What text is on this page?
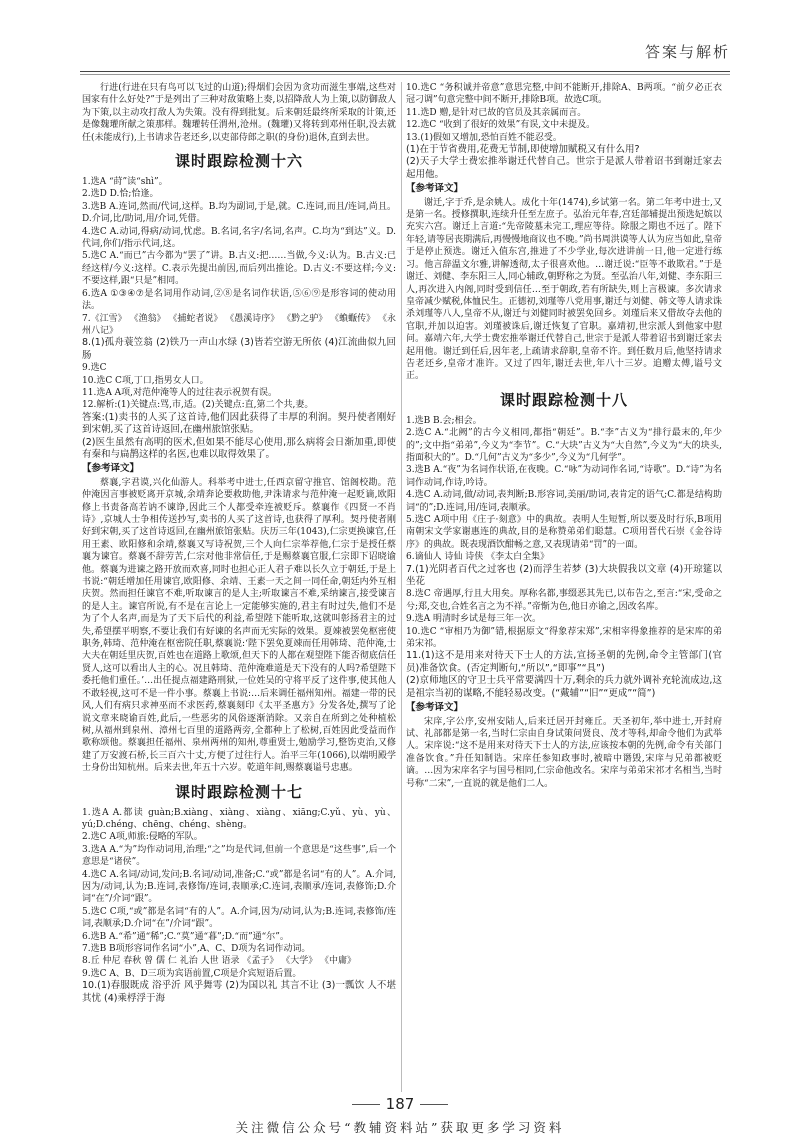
答案与解析

行进(行进在只有鸟可以飞过的山道);得烟们会因为贪功而滋生事端,这些对国家有什么好处?”于是列出了三种对敌策略上奏,以招降敌人为上策,以防御敌人为下策,以主动攻打敌人为失策。没有得到批复。后来朝廷最终所采取的计策,还是像魏瓘所献之策那样。魏瓘转任渭州,沧州。(魏瓘)又将转到邓州任职,没去就任(未能成行),上书请求告老还乡,以吏部侍郎之职(的身份)退休,直到去世。

课时跟踪检测十六

1.选A “莳”读“shì”。

2.选D D.恰;恰逢。

3.选B A.连词,然而/代词,这样。B.均为副词,于是,就。C.连词,而且/连词,尚且。D.介词,比/助词,用/介词,凭借。

4.选C A.动词,得病/动词,忧虑。B.名词,名字/名词,名声。C.均为“到达”义。D.代词,你们/指示代词,这。

5.选C A.“而已”古今都为“罢了”讲。B.古义:把……当做,今义:认为。B.古义:已经这样/今义:这样。C.表示先提出前因,而后列出推论。D.古义:不要这样;今义:不要这样,跟“只是”相同。

6.选A ①③④⑦是名词用作动词,②⑧是名词作状语,⑤⑥⑨是形容词的使动用法。

7.《江雪》 《渔翁》 《捕蛇者说》 《愚溪诗序》 《黔之驴》 《蝜蝂传》 《永州八记》

8.(1)孤舟蓑笠翁 (2)铁乃一声山水绿 (3)皆若空游无所依 (4)江流曲似九回肠

9.选C

10.选C C项,丁口,指男女人口。

11.选A A项,对范仲淹等人的过往表示祝贺有误。

12.解析:(1)关键点:骂,市,适。(2)关键点:直,第二个共,妻。

答案:(1)卖书的人买了这首诗,他们因此获得了丰厚的利润。契丹使者刚好到宋朝,买了这首诗返回,在幽州旅馆张贴。

(2)医生虽然有高明的医术,但如果不能尽心使用,那么病将会日渐加重,即使有秦和与扁鹊这样的名医,也难以取得效果了。

【参考译文】

蔡襄,字君谟,兴化仙游人。科举考中进士,任西京留守推官、馆阁校勘。范仲淹因言事被贬离开京城,余靖奔论要救助他,尹洙请求与范仲淹一起贬谪,欧阳修上书责备高若讷不谏诤,因此三个人都受牵连被贬斥。蔡襄作《四贤一不肖诗》,京城人士争相传送抄写,卖书的人买了这首诗,也获得了厚利。契丹使者刚好到宋朝,买了这首诗返回,在幽州旅馆张贴。庆历三年(1043),仁宗更换谏官,任用王素、欧阳修和余靖,蔡襄又写诗祝贺,三个人向仁宗举荐他,仁宗于是授任蔡襄为谏官。蔡襄不辞劳苦,仁宗对他非常信任,于是赐蔡襄官服,仁宗即下诏晓谕他。蔡襄为进谏之路开放而欢喜,同时也担心正人君子难以长久立于朝廷,于是上书说:“朝廷增加任用谏官,欧阳修、余靖、王素一天之间一同任命,朝廷内外互相庆贺。然而担任谏官不难,听取谏言的是人主;听取谏言不难,采纳谏言,接受谏言的是人主。谏官所说,有不是在言论上一定能够实施的,君主有时过失,他们不是为了个人名声,而是为了天下后代的利益,希望陛下能听取,这就叫彰扬君主的过失,希望摆平明察,不要让我们有好谏的名声而无实际的效果。夏竦被罢免枢密使职务,韩琦、范仲淹在枢密院任职,蔡襄说:‘陛下罢免夏竦而任用韩琦、范仲淹,士大夫在朝廷里庆贺,百姓也在道路上歌颂,但天下的人都在观望陛下能否彻底信任贤人,这可以看出人主的心。况且韩琦、范仲淹难道是天下没有的人吗?希望陛下委托他们重任。’…出任提点福建路刑狱,一位姓吴的守将平反了这件事,使其他人不敢轻视,这可不是一件小事。蔡襄上书说:…后来调任福州知州。福建一带的民风,人们有病只求神巫而不求医药,蔡襄刻印《太平圣惠方》分发各处,撰写了论说文章来晓谕百姓,此后,一些恶劣的风俗逐渐消除。又亲自在所到之处种植松树,从福州到泉州、漳州七百里的道路两旁,全都种上了松树,百姓因此受益而作歌称颂他。蔡襄担任福州、泉州两州的知州,尊重贤士,勉励学习,整饬吏治,又修建了万安渡石桥,长三百六十丈,方便了过往行人。治平三年(1066),以端明殿学士身份出知杭州。后来去世,年五十六岁。乾道年间,赐蔡襄谥号忠惠。

课时跟踪检测十七

1.选A A.都读 guàn;B.xiàng、xiàng、xiàng、xiāng;C.yǔ、yù、yù、yú;D.chéng、chēng、chéng、shèng。

2.选C A项,师旅:侵略的军队。

3.选A A.“为”均作动词用,治理;“之”均是代词,但前一个意思是“这些事”,后一个意思是“诸侯”。

4.选C A.名词/动词,发问;B.名词/动词,准备;C.“或”都是名词“有的人”。A.介词,因为/动词,认为;B.连词,表修饰/连词,表顺承;C.连词,表顺承/连词,表修饰;D.介词“在”/介词“跟”。

5.选C C项,“或”都是名词“有的人”。A.介词,因为/动词,认为;B.连词,表修饰/连词,表顺承;D.介词“在”/介词“跟”。

6.选B A.“希”通“稀”;C.“莫”通“暮”;D.“而”通“尔”。

7.选B B项形容词作名词“小”,A、C、D项为名词作动词。

8.丘 仲尼 春秋 曾 儒 仁 礼治 人世 语录 《孟子》 《大学》 《中庸》

9.选C A、B、D三项为宾语前置,C项是介宾短语后置。

10.(1)春服既成 浴乎沂 风乎舞雩 (2)为国以礼 其言不让 (3)一瓢饮 人不堪其忧 (4)乘桴浮于海

10.选C “务积诚并帝意”意思完整,中间不能断开,排除A、B两项。“前夕必正衣冠刁调”句意完整中间不断开,排除B项。故选C项。

11.选D 赠,是针对已故的官员及其亲属而言。

12.选C “收到了很好的效果”有误,文中未提及。

13.(1)假如又增加,恐怕百姓不能忍受。

(1)在于节省费用,花费无节制,即使增加赋税又有什么用?

(2)天子大学士费宏推举谢迁代替自己。世宗于是派人带着诏书到谢迁家去起用他。

【参考译文】

谢迁,字于乔,是余姚人。成化十年(1474),乡试第一名。第二年考中进士,又是第一名。授修撰职,连续升任至左庶子。弘治元年春,宫廷部辅提出预选妃嫔以充实六宫。谢迁上言道:“先帝陵墓未完工,理应等待。除服之期也不远了。陛下年轻,请等居丧期满后,再慢慢地商议也不晚。”尚书周洪谟等人认为应当如此,皇帝于是停止预选。谢迁入值东宫,推进了不少学业,每次进讲前一日,他一定进行练习。他言辞温文尔雅,讲解透彻,太子很喜欢他。…谢迁说:“臣等不敢欺君。”于是谢迁、刘健、李东阳三人,同心辅政,朝野称之为贤。至弘治八年,刘健、李东阳三人,再次进入内阁,同时受到信任…至于朝政,若有所缺失,则上言极谏。多次请求皇帝减少赋税,体恤民生。正德初,刘瑾等八党用事,谢迁与刘健、韩文等人请求诛杀刘瑾等八人,皇帝不从,谢迁与刘健同时被罢免回乡。刘瑾后来又借故夺去他的官职,并加以迫害。刘瑾被诛后,谢迁恢复了官职。嘉靖初,世宗派人到他家中慰问。嘉靖六年,大学士费宏推举谢迁代替自己,世宗于是派人带着诏书到谢迁家去起用他。谢迁到任后,因年老,上疏请求辞职,皇帝不许。到任数月后,他坚持请求告老还乡,皇帝才准许。又过了四年,谢迁去世,年八十三岁。追赠太傅,谥号文正。

课时跟踪检测十八

1.选B B.会;相会。

2.选C A.“北阙”的古今义相同,都指“朝廷”。B.“李”古义为“排行最末的,年少的”;文中指“弟弟”,今义为“李节”。C.“大块”古义为“大自然”,今义为“大的块头,指面积大的”。D.“几何”古义为“多少”,今义为“几何学”。

3.选B A.“夜”为名词作状语,在夜晚。C.“咏”为动词作名词,“诗歌”。D.“诗”为名词作动词,作诗,吟诗。

4.选C A.动词,做/动词,表判断;B.形容词,美丽/助词,表肯定的语气;C.都是结构助词“的”;D.连词,用/连词,表顺承。

5.选C A项中用《庄子·刻意》中的典故。表明人生短暂,所以要及时行乐,B项用南朝宋文学家谢惠连的典故,目的是称赞弟弟们聪慧。C项用晋代石崇《金谷诗序》的典故。既表现酒饮酣畅之意,又表现请弟“罚”的一面。

6.谪仙人 诗仙 诗侠 《李太白全集》

7.(1)光阴者百代之过客也 (2)而浮生若梦 (3)大块假我以文章 (4)开琼筵以坐花

8.选C 帝遇厚,行且大用矣。厚称名都,事缀恶其先已,以布告之,至言:“宋,受命之兮;郑,交也,合姓名言之为不祥。”帝惭为色,他日亦谕之,因改名库。

9.选A 明清时乡试是每三年一次。

10.选C “审相乃为御”错,根据原文“得象荐宋郑”,宋相宰得象推荐的是宋库的弟弟宋祁。

11.(1)这不是用来对待天下士人的方法,宣扬圣朝的先例,命令主管部门(官员)准备饮食。(否定判断句,“所以”,“即事”“具”)

(2)京师地区的守卫士兵平常要满四十万,剩余的兵力就外调补充轮流成边,这是祖宗当初的谋略,不能轻易改变。(“戴辅”“旧”“更成”“简”)

【参考译文】

宋庠,字公序,安州安陆人,后来迁居开封雍丘。天圣初年,举中进士,开封府试、礼部都是第一名,当时仁宗由自身试策问贤良、茂才等科,却命令他们为武举人。宋庠说:“这不是用来对待天下士人的方法,应该按本朝的先例,命令有关部门准备饮食。”升任知制诰。宋庠任参知政事时,被暗中谮毁,宋庠与兄弟都被贬谪。…因为宋庠名字与国号相同,仁宗命他改名。宋庠与弟弟宋祁才名相当,当时号称“二宋”,一直说的就是他们二人。

187
关注微信公众号“教辅资料站”获取更多学习资料
